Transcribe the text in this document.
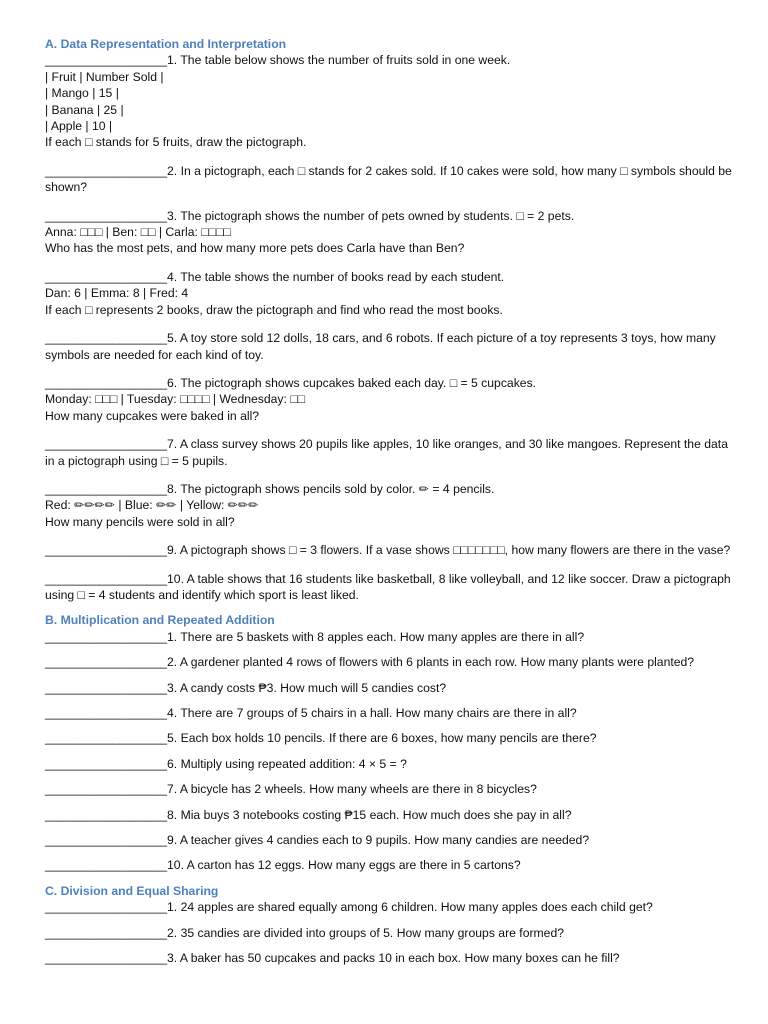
A. Data Representation and Interpretation
__________________1. The table below shows the number of fruits sold in one week.
| Fruit | Number Sold |
| Mango | 15 |
| Banana | 25 |
| Apple | 10 |
If each □ stands for 5 fruits, draw the pictograph.
__________________2. In a pictograph, each □ stands for 2 cakes sold. If 10 cakes were sold, how many □ symbols should be shown?
__________________3. The pictograph shows the number of pets owned by students. □ = 2 pets.
Anna: □□□ | Ben: □□ | Carla: □□□□
Who has the most pets, and how many more pets does Carla have than Ben?
__________________4. The table shows the number of books read by each student.
Dan: 6 | Emma: 8 | Fred: 4
If each □ represents 2 books, draw the pictograph and find who read the most books.
__________________5. A toy store sold 12 dolls, 18 cars, and 6 robots. If each picture of a toy represents 3 toys, how many symbols are needed for each kind of toy.
__________________6. The pictograph shows cupcakes baked each day. □ = 5 cupcakes.
Monday: □□□ | Tuesday: □□□□ | Wednesday: □□
How many cupcakes were baked in all?
__________________7. A class survey shows 20 pupils like apples, 10 like oranges, and 30 like mangoes. Represent the data in a pictograph using □ = 5 pupils.
__________________8. The pictograph shows pencils sold by color. ✏ = 4 pencils.
Red: ✏✏✏✏ | Blue: ✏✏ | Yellow: ✏✏✏
How many pencils were sold in all?
__________________9. A pictograph shows □ = 3 flowers. If a vase shows □□□□□□□, how many flowers are there in the vase?
__________________10. A table shows that 16 students like basketball, 8 like volleyball, and 12 like soccer. Draw a pictograph using □ = 4 students and identify which sport is least liked.
B. Multiplication and Repeated Addition
__________________1. There are 5 baskets with 8 apples each. How many apples are there in all?
__________________2. A gardener planted 4 rows of flowers with 6 plants in each row. How many plants were planted?
__________________3. A candy costs ₱3. How much will 5 candies cost?
__________________4. There are 7 groups of 5 chairs in a hall. How many chairs are there in all?
__________________5. Each box holds 10 pencils. If there are 6 boxes, how many pencils are there?
__________________6. Multiply using repeated addition: 4 × 5 = ?
__________________7. A bicycle has 2 wheels. How many wheels are there in 8 bicycles?
__________________8. Mia buys 3 notebooks costing ₱15 each. How much does she pay in all?
__________________9. A teacher gives 4 candies each to 9 pupils. How many candies are needed?
__________________10. A carton has 12 eggs. How many eggs are there in 5 cartons?
C. Division and Equal Sharing
__________________1. 24 apples are shared equally among 6 children. How many apples does each child get?
__________________2. 35 candies are divided into groups of 5. How many groups are formed?
__________________3. A baker has 50 cupcakes and packs 10 in each box. How many boxes can he fill?
